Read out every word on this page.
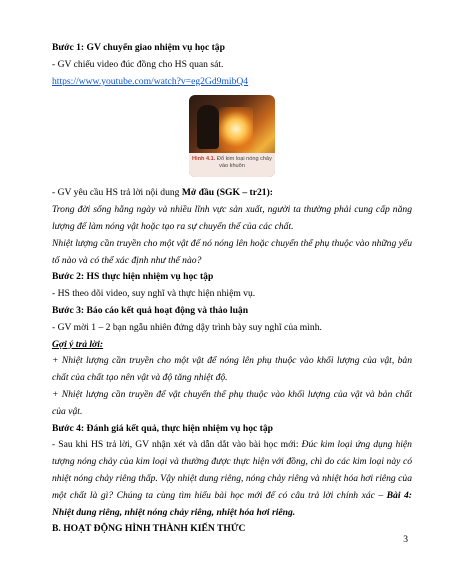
Bước 1: GV chuyển giao nhiệm vụ học tập

- GV chiếu video đúc đồng cho HS quan sát.

https://www.youtube.com/watch?v=eg2Gd9mibQ4

Hình 4.1. Đổ kim loại nóng chảy vào khuôn

- GV yêu cầu HS trả lời nội dung Mở đầu (SGK – tr21):

Trong đời sống hằng ngày và nhiều lĩnh vực sản xuất, người ta thường phải cung cấp năng lượng để làm nóng vật hoặc tạo ra sự chuyển thể của các chất.

Nhiệt lượng cần truyền cho một vật để nó nóng lên hoặc chuyển thể phụ thuộc vào những yếu tố nào và có thể xác định như thế nào?

Bước 2: HS thực hiện nhiệm vụ học tập

- HS theo dõi video, suy nghĩ và thực hiện nhiệm vụ.

Bước 3: Báo cáo kết quả hoạt động và thảo luận

- GV mời 1 – 2 bạn ngẫu nhiên đứng dậy trình bày suy nghĩ của mình.

Gợi ý trả lời:

+ Nhiệt lượng cần truyền cho một vật để nóng lên phụ thuộc vào khối lượng của vật, bản chất của chất tạo nên vật và độ tăng nhiệt độ.

+ Nhiệt lượng cần truyền để vật chuyển thể phụ thuộc vào khối lượng của vật và bản chất của vật.

Bước 4: Đánh giá kết quả, thực hiện nhiệm vụ học tập

- Sau khi HS trả lời, GV nhận xét và dẫn dắt vào bài học mới: Đúc kim loại ứng dụng hiện tượng nóng chảy của kim loại và thường được thực hiện với đồng, chì do các kim loại này có nhiệt nóng chảy riêng thấp. Vậy nhiệt dung riêng, nóng chảy riêng và nhiệt hóa hơi riêng của một chất là gì? Chúng ta cùng tìm hiểu bài học mới để có câu trả lời chính xác – Bài 4: Nhiệt dung riêng, nhiệt nóng chảy riêng, nhiệt hóa hơi riêng.

B. HOẠT ĐỘNG HÌNH THÀNH KIẾN THỨC

3
